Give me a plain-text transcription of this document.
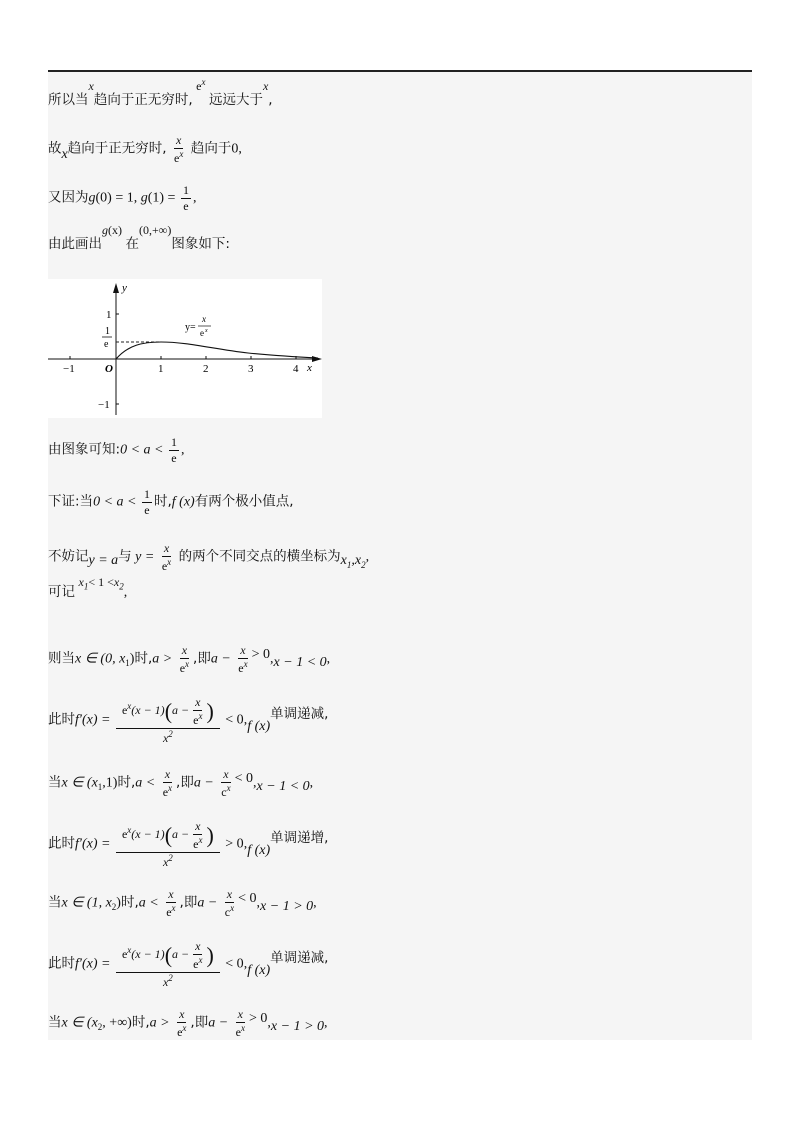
所以当x趋向于正无穷时, $e^x$ 远远大于x,
故x趋向于正无穷时, $\frac{x}{e^x}$ 趋向于0,
又因为g(0) = 1, $g(1) = \frac{1}{e}$ ,
由此画出g(x) 在(0,+∞)图象如下:
y
x
O
1
−1
1
e
−1	1	2	3	4
y=
x
e x
由图象可知:0 < $a < \frac{1}{e}$ ,
下证:当$0 < a < \frac{1}{e}$ 时,f (x)有两个极小值点,
不妨记y = a与 $y = \frac{x}{e^x}$ 的两个不同交点的横坐标为$x_1,x_2$,
可记 $x_1< 1 <x_2$,
则当x ∈ (0, $x_1$)时$,a > \frac{x}{e^x}$ ,即$a - \frac{x}{e^x} > 0,x - 1 < 0$,
此时$f'(x) = \frac{e^x(x - 1)(a - \frac{x}{e^x} )}{x^2} < 0,f$ (x)单调递减,
当x ∈ $(x_1,1)$时$,a < \frac{x}{e^x}$ ,即$a - \frac{x}{c^x} < 0,x - 1 < 0$,
此时$f'(x) = \frac{e^x(x - 1)(a - \frac{x}{e^x} )}{x^2} > 0,f$ (x)单调递增,
当x ∈ (1, $x_2$)时$,a < \frac{x}{e^x}$ ,即$a - \frac{x}{c^x} < 0,x - 1 > 0$,
此时$f'(x) = \frac{e^x(x - 1)(a - \frac{x}{e^x} )}{x^2} < 0,f$ (x)单调递减,
当x ∈ ($x_2$, +∞)时$,a > \frac{x}{e^x}$ ,即$a - \frac{x}{e^x} > 0,x - 1 > 0$,
